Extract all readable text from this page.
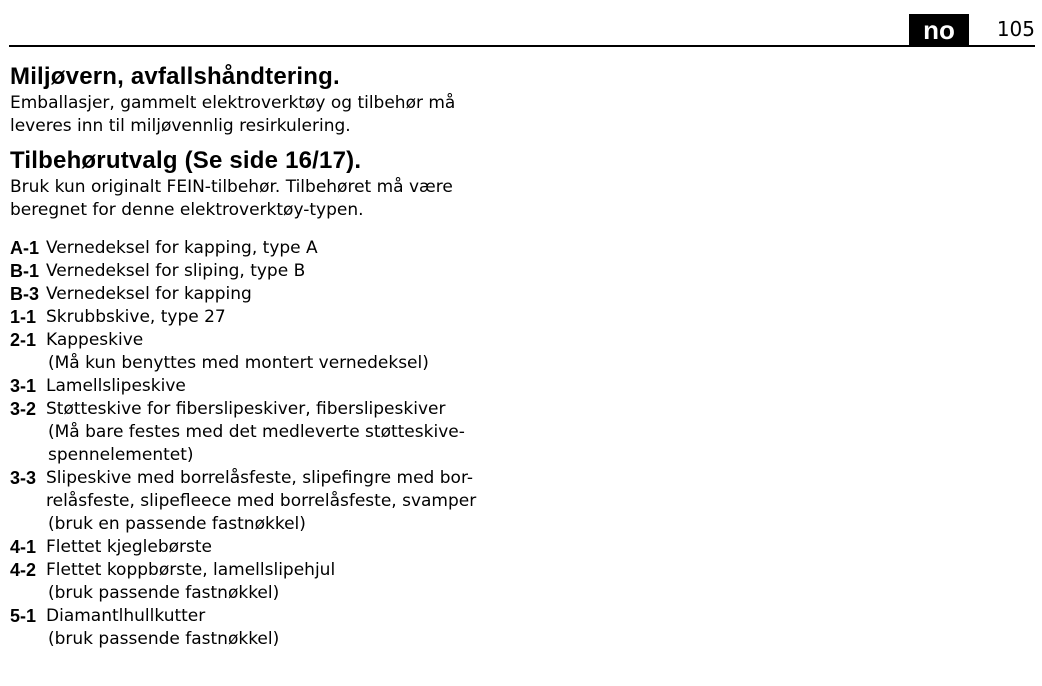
no	105
Miljøvern, avfallshåndtering.

Emballasjer, gammelt elektroverktøy og tilbehør må
leveres inn til miljøvennlig resirkulering.

Tilbehørutvalg (Se side 16/17).

Bruk kun originalt FEIN-tilbehør. Tilbehøret må være
beregnet for denne elektroverktøy-typen.

A-1 Vernedeksel for kapping, type A
B-1 Vernedeksel for sliping, type B
B-3 Vernedeksel for kapping
1-1 Skrubbskive, type 27
2-1 Kappeskive
(Må kun benyttes med montert vernedeksel)
3-1 Lamellslipeskive
3-2 Støtteskive for fiberslipeskiver, fiberslipeskiver
(Må bare festes med det medleverte støtteskive-
spennelementet)
3-3 Slipeskive med borrelåsfeste, slipefingre med bor-
relåsfeste, slipefleece med borrelåsfeste, svamper
(bruk en passende fastnøkkel)
4-1 Flettet kjeglebørste
4-2 Flettet koppbørste, lamellslipehjul
(bruk passende fastnøkkel)
5-1 Diamantlhullkutter
(bruk passende fastnøkkel)
